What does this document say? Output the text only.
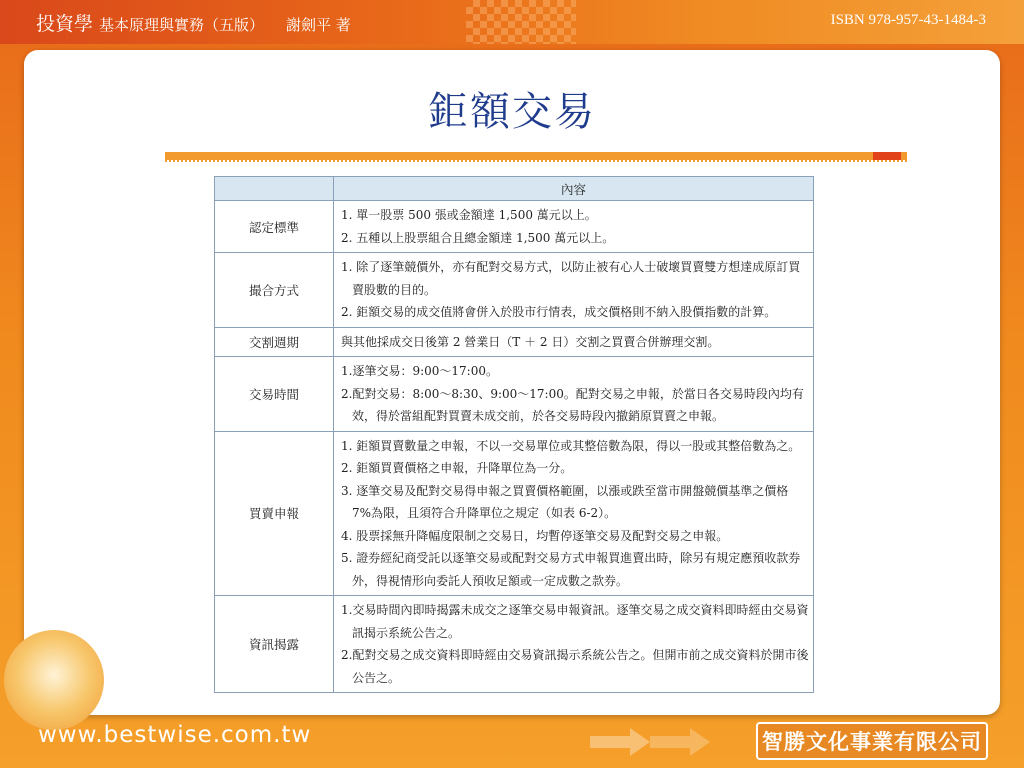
投資學 基本原理與實務（五版） 謝劍平 著	ISBN 978-957-43-1484-3
鉅額交易
	內容
認定標準	1. 單一股票 500 張或金額達 1,500 萬元以上。
2. 五種以上股票組合且總金額達 1,500 萬元以上。

撮合方式	1. 除了逐筆競價外，亦有配對交易方式，以防止被有心人士破壞買賣雙方想達成原訂買賣股數的目的。
2. 鉅額交易的成交值將會併入於股市行情表，成交價格則不納入股價指數的計算。

交割週期	與其他採成交日後第 2 營業日（T ＋ 2 日）交割之買賣合併辦理交割。

交易時間	1.逐筆交易：9:00～17:00。
2.配對交易：8:00～8:30、9:00～17:00。配對交易之申報，於當日各交易時段內均有效，得於當組配對買賣未成交前，於各交易時段內撤銷原買賣之申報。

買賣申報	1. 鉅額買賣數量之申報，不以一交易單位或其整倍數為限，得以一股或其整倍數為之。
2. 鉅額買賣價格之申報，升降單位為一分。
3. 逐筆交易及配對交易得申報之買賣價格範圍，以漲或跌至當市開盤競價基準之價格 7%為限，且須符合升降單位之規定（如表 6-2）。
4. 股票採無升降幅度限制之交易日，均暫停逐筆交易及配對交易之申報。
5. 證券經紀商受託以逐筆交易或配對交易方式申報買進賣出時，除另有規定應預收款券外，得視情形向委託人預收足額或一定成數之款券。

資訊揭露	1.交易時間內即時揭露未成交之逐筆交易申報資訊。逐筆交易之成交資料即時經由交易資訊揭示系統公告之。
2.配對交易之成交資料即時經由交易資訊揭示系統公告之。但開市前之成交資料於開市後公告之。
www.bestwise.com.tw	智勝文化事業有限公司
